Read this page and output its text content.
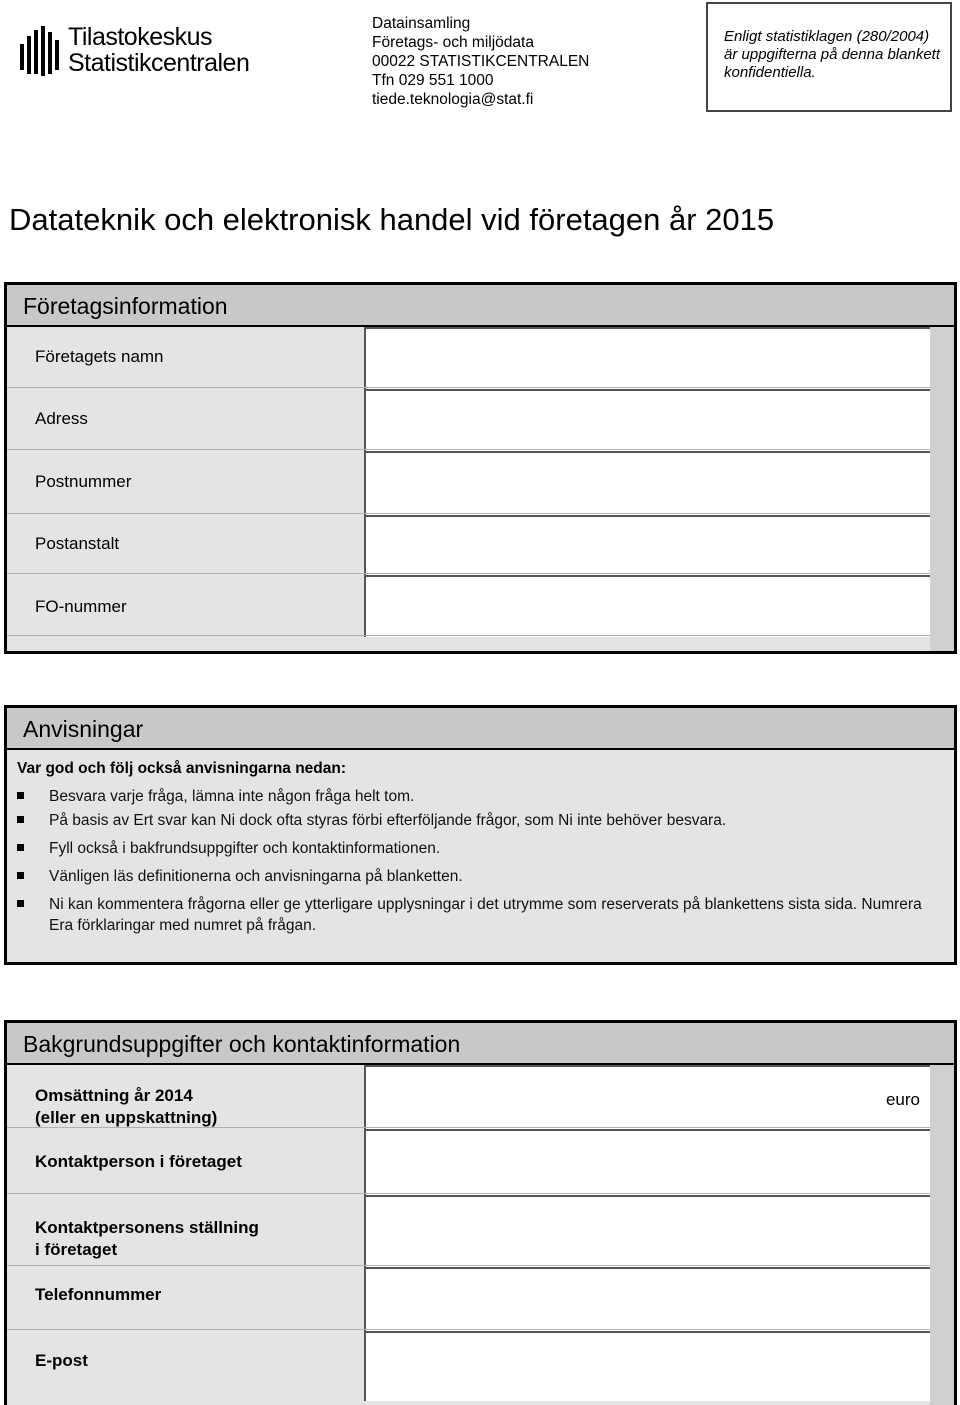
Tilastokeskus
Statistikcentralen
Datainsamling
Företags- och miljödata
00022 STATISTIKCENTRALEN
Tfn 029 551 1000
tiede.teknologia@stat.fi
Enligt statistiklagen (280/2004) är uppgifterna på denna blankett konfidentiella.
Datateknik och elektronisk handel vid företagen år 2015
Företagsinformation
Företagets namn
Adress
Postnummer
Postanstalt
FO-nummer
Anvisningar
Var god och följ också anvisningarna nedan:
Besvara varje fråga, lämna inte någon fråga helt tom.
På basis av Ert svar kan Ni dock ofta styras förbi efterföljande frågor, som Ni inte behöver besvara.
Fyll också i bakfrundsuppgifter och kontaktinformationen.
Vänligen läs definitionerna och anvisningarna på blanketten.
Ni kan kommentera frågorna eller ge ytterligare upplysningar i det utrymme som reserverats på blankettens sista sida. Numrera Era förklaringar med numret på frågan.
Bakgrundsuppgifter och kontaktinformation
Omsättning år 2014
(eller en uppskattning)
euro
Kontaktperson i företaget
Kontaktpersonens ställning
i företaget
Telefonnummer
E-post
